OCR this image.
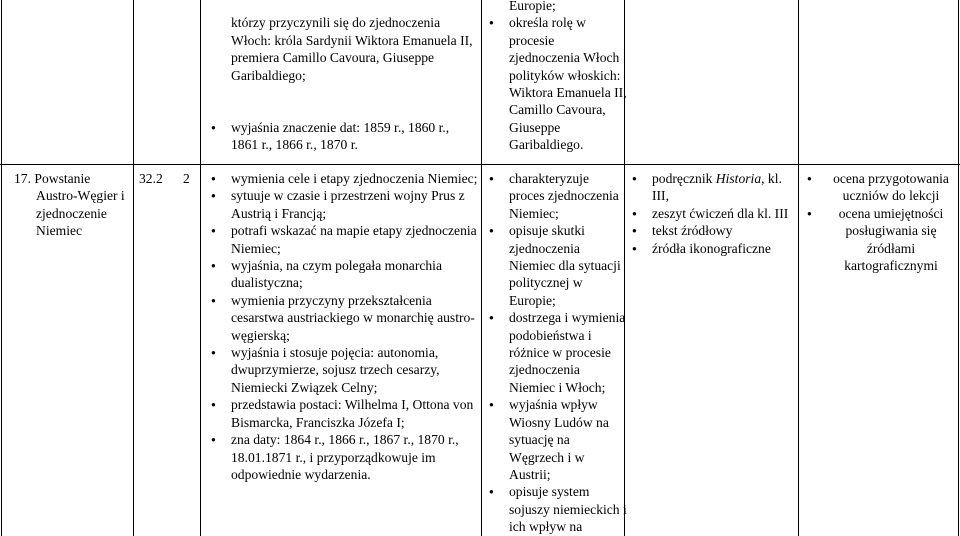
którzy przyczynili się do zjednoczenia Włoch: króla Sardynii Wiktora Emanuela II, premiera Camillo Cavoura, Giuseppe Garibaldiego;

● wyjaśnia znaczenie dat: 1859 r., 1860 r., 1861 r., 1866 r., 1870 r.

Europie;
● określa rolę w procesie zjednoczenia Włoch polityków włoskich: Wiktora Emanuela II, Camillo Cavoura, Giuseppe Garibaldiego.
17. Powstanie Austro-Węgier i zjednoczenie Niemiec
32.2 2
●	wymienia cele i etapy zjednoczenia Niemiec;
● sytuuje w czasie i przestrzeni wojny Prus z Austrią i Francją;
● potrafi wskazać na mapie etapy zjednoczenia Niemiec;
● wyjaśnia, na czym polegała monarchia dualistyczna;
● wymienia przyczyny przekształcenia cesarstwa austriackiego w monarchię austro-węgierską;
● wyjaśnia i stosuje pojęcia: autonomia, dwuprzymierze, sojusz trzech cesarzy, Niemiecki Związek Celny;
● przedstawia postaci: Wilhelma I, Ottona von Bismarcka, Franciszka Józefa I;
● zna daty: 1864 r., 1866 r., 1867 r., 1870 r., 18.01.1871 r., i przyporządkowuje im odpowiednie wydarzenia.
● charakteryzuje proces zjednoczenia Niemiec;
● opisuje skutki zjednoczenia Niemiec dla sytuacji politycznej w Europie;
● dostrzega i wymienia podobieństwa i różnice w procesie zjednoczenia Niemiec i Włoch;
● wyjaśnia wpływ Wiosny Ludów na sytuację na Węgrzech i w Austrii;
● opisuje system sojuszy niemieckich i ich wpływ na
● podręcznik Historia, kl. III,
● zeszyt ćwiczeń dla kl. III
● tekst źródłowy
● źródła ikonograficzne
● ocena przygotowania uczniów do lekcji
● ocena umiejętności posługiwania się źródłami kartograficznymi
